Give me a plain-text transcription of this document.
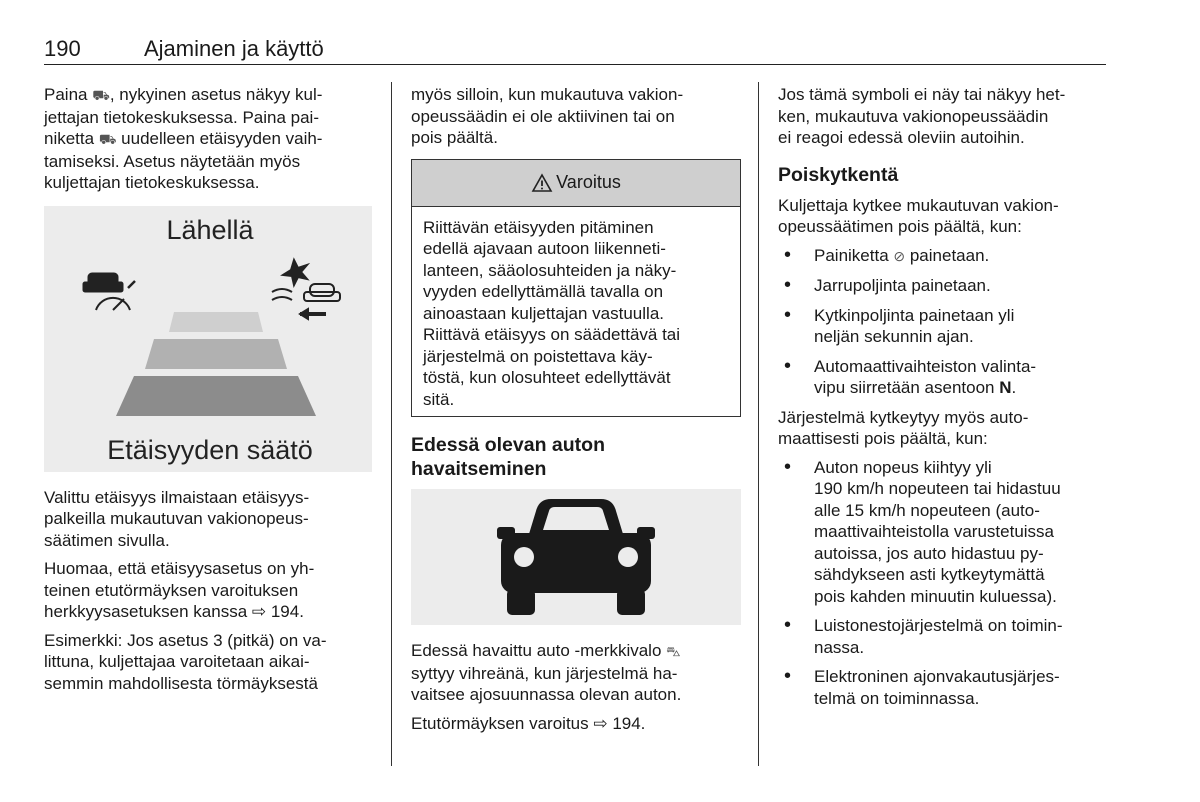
190	Ajaminen ja käyttö

Paina ⛟, nykyinen asetus näkyy kul-
jettajan tietokeskuksessa. Paina pai-
niketta ⛟ uudelleen etäisyyden vaih-
tamiseksi. Asetus näytetään myös
kuljettajan tietokeskuksessa.

Lähellä
Etäisyyden säätö

Valittu etäisyys ilmaistaan etäisyys-
palkeilla mukautuvan vakionopeus-
säätimen sivulla.

Huomaa, että etäisyysasetus on yh-
teinen etutörmäyksen varoituksen
herkkyysasetuksen kanssa ⇨ 194.

Esimerkki: Jos asetus 3 (pitkä) on va-
littuna, kuljettajaa varoitetaan aikai-
semmin mahdollisesta törmäyksestä

myös silloin, kun mukautuva vakion-
opeussäädin ei ole aktiivinen tai on
pois päältä.

Varoitus
Riittävän etäisyyden pitäminen
edellä ajavaan autoon liikenneti-
lanteen, sääolosuhteiden ja näky-
vyyden edellyttämällä tavalla on
ainoastaan kuljettajan vastuulla.
Riittävä etäisyys on säädettävä tai
järjestelmä on poistettava käy-
töstä, kun olosuhteet edellyttävät
sitä.
Edessä olevan auton
havaitseminen

Edessä havaittu auto -merkkivalo ⛍
syttyy vihreänä, kun järjestelmä ha-
vaitsee ajosuunnassa olevan auton.

Etutörmäyksen varoitus ⇨ 194.

Jos tämä symboli ei näy tai näkyy het-
ken, mukautuva vakionopeussäädin
ei reagoi edessä oleviin autoihin.

Poiskytkentä

Kuljettaja kytkee mukautuvan vakion-
opeussäätimen pois päältä, kun:

• Painiketta ⊘ painetaan.
• Jarrupoljinta painetaan.
• Kytkinpoljinta painetaan yli
neljän sekunnin ajan.
• Automaattivaihteiston valinta-
vipu siirretään asentoon N.

Järjestelmä kytkeytyy myös auto-
maattisesti pois päältä, kun:

• Auton nopeus kiihtyy yli
190 km/h nopeuteen tai hidastuu
alle 15 km/h nopeuteen (auto-
maattivaihteistolla varustetuissa
autoissa, jos auto hidastuu py-
sähdykseen asti kytkeytymättä
pois kahden minuutin kuluessa).
• Luistonestojärjestelmä on toimin-
nassa.
• Elektroninen ajonvakautusjärjes-
telmä on toiminnassa.
